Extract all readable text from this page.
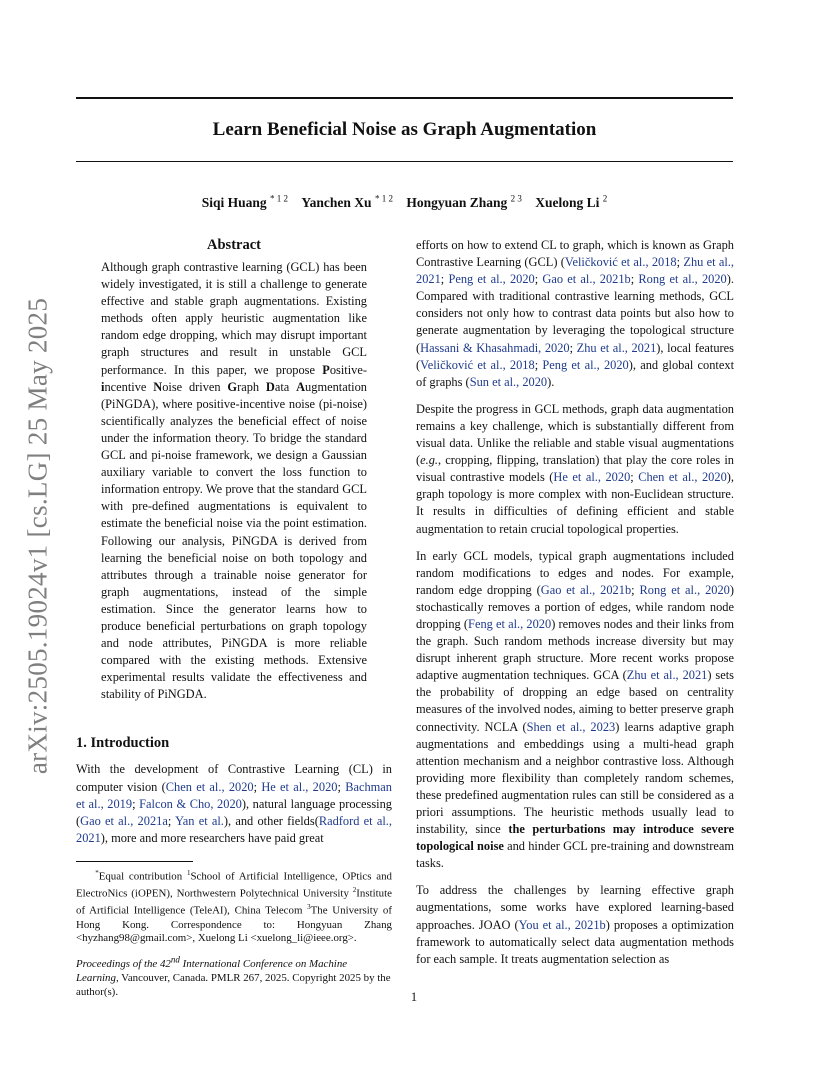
Learn Beneficial Noise as Graph Augmentation
Siqi Huang $^{* 1 2}$ Yanchen Xu $^{* 1 2}$ Hongyuan Zhang $^{2 3}$ Xuelong Li $^2$
arXiv:2505.19024v1 [cs.LG] 25 May 2025
Abstract

Although graph contrastive learning (GCL) has been widely investigated, it is still a challenge to generate effective and stable graph augmentations. Existing methods often apply heuristic augmentation like random edge dropping, which may disrupt important graph structures and result in unstable GCL performance. In this paper, we propose Positive-incentive Noise driven Graph Data Augmentation (PiNGDA), where positive-incentive noise (pi-noise) scientifically analyzes the beneficial effect of noise under the information theory. To bridge the standard GCL and pi-noise framework, we design a Gaussian auxiliary variable to convert the loss function to information entropy. We prove that the standard GCL with pre-defined augmentations is equivalent to estimate the beneficial noise via the point estimation. Following our analysis, PiNGDA is derived from learning the beneficial noise on both topology and attributes through a trainable noise generator for graph augmentations, instead of the simple estimation. Since the generator learns how to produce beneficial perturbations on graph topology and node attributes, PiNGDA is more reliable compared with the existing methods. Extensive experimental results validate the effectiveness and stability of PiNGDA.

1. Introduction

With the development of Contrastive Learning (CL) in computer vision (Chen et al., 2020; He et al., 2020; Bachman et al., 2019; Falcon & Cho, 2020), natural language processing (Gao et al., 2021a; Yan et al.), and other fields(Radford et al., 2021), more and more researchers have paid great

*Equal contribution $^1$School of Artificial Intelligence, OPtics and ElectroNics (iOPEN), Northwestern Polytechnical University $^2$Institute of Artificial Intelligence (TeleAI), China Telecom $^3$The University of Hong Kong. Correspondence to: Hongyuan Zhang <hyzhang98@gmail.com>, Xuelong Li <xuelong_li@ieee.org>.

Proceedings of the 42nd International Conference on Machine Learning, Vancouver, Canada. PMLR 267, 2025. Copyright 2025 by the author(s).

efforts on how to extend CL to graph, which is known as Graph Contrastive Learning (GCL) (Veličković et al., 2018; Zhu et al., 2021; Peng et al., 2020; Gao et al., 2021b; Rong et al., 2020). Compared with traditional contrastive learning methods, GCL considers not only how to contrast data points but also how to generate augmentation by leveraging the topological structure (Hassani & Khasahmadi, 2020; Zhu et al., 2021), local features (Veličković et al., 2018; Peng et al., 2020), and global context of graphs (Sun et al., 2020).

Despite the progress in GCL methods, graph data augmentation remains a key challenge, which is substantially different from visual data. Unlike the reliable and stable visual augmentations (e.g., cropping, flipping, translation) that play the core roles in visual contrastive models (He et al., 2020; Chen et al., 2020), graph topology is more complex with non-Euclidean structure. It results in difficulties of defining efficient and stable augmentation to retain crucial topological properties.

In early GCL models, typical graph augmentations included random modifications to edges and nodes. For example, random edge dropping (Gao et al., 2021b; Rong et al., 2020) stochastically removes a portion of edges, while random node dropping (Feng et al., 2020) removes nodes and their links from the graph. Such random methods increase diversity but may disrupt inherent graph structure. More recent works propose adaptive augmentation techniques. GCA (Zhu et al., 2021) sets the probability of dropping an edge based on centrality measures of the involved nodes, aiming to better preserve graph connectivity. NCLA (Shen et al., 2023) learns adaptive graph augmentations and embeddings using a multi-head graph attention mechanism and a neighbor contrastive loss. Although providing more flexibility than completely random schemes, these predefined augmentation rules can still be considered as a priori assumptions. The heuristic methods usually lead to instability, since the perturbations may introduce severe topological noise and hinder GCL pre-training and downstream tasks.

To address the challenges by learning effective graph augmentations, some works have explored learning-based approaches. JOAO (You et al., 2021b) proposes a optimization framework to automatically select data augmentation methods for each sample. It treats augmentation selection as

1
